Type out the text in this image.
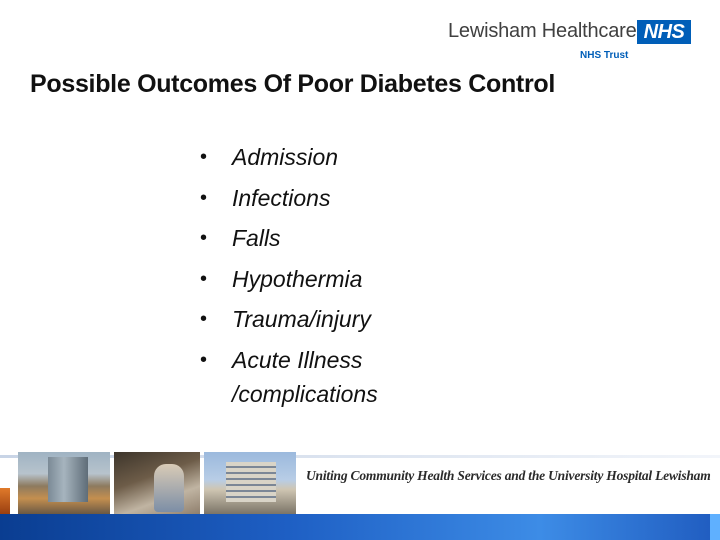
Lewisham Healthcare
NHS Trust
NHS
Possible Outcomes Of Poor Diabetes Control
• Admission
• Infections
• Falls
• Hypothermia
• Trauma/injury
• Acute Illness /complications
Uniting Community Health Services and the University Hospital Lewisham
